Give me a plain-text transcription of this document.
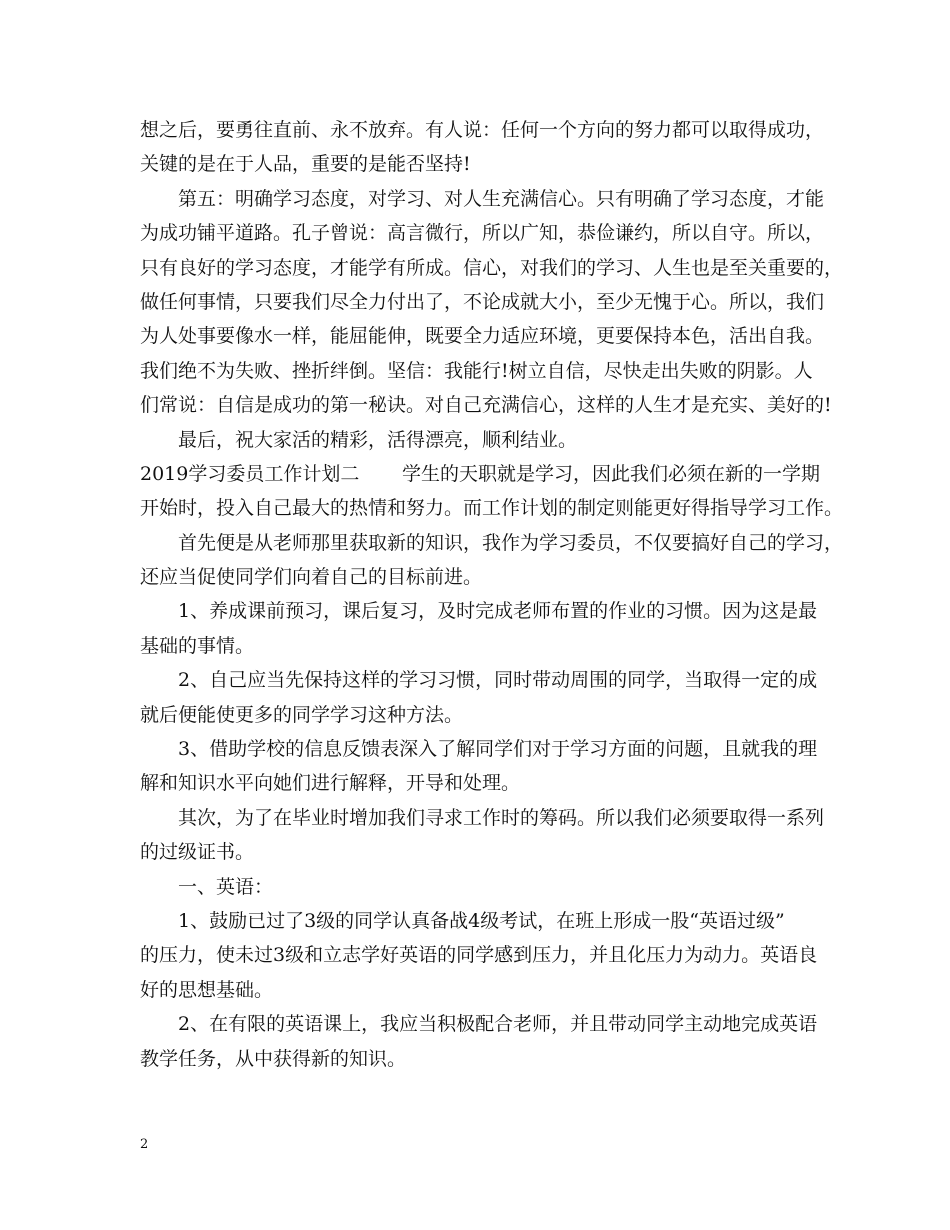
想之后，要勇往直前、永不放弃。有人说：任何一个方向的努力都可以取得成功，
关键的是在于人品，重要的是能否坚持!
第五：明确学习态度，对学习、对人生充满信心。只有明确了学习态度，才能
为成功铺平道路。孔子曾说：高言微行，所以广知，恭俭谦约，所以自守。所以，
只有良好的学习态度，才能学有所成。信心，对我们的学习、人生也是至关重要的，
做任何事情，只要我们尽全力付出了，不论成就大小，至少无愧于心。所以，我们
为人处事要像水一样，能屈能伸，既要全力适应环境，更要保持本色，活出自我。
我们绝不为失败、挫折绊倒。坚信：我能行!树立自信，尽快走出失败的阴影。人
们常说：自信是成功的第一秘诀。对自己充满信心，这样的人生才是充实、美好的!
最后，祝大家活的精彩，活得漂亮，顺利结业。
2019学习委员工作计划二 学生的天职就是学习，因此我们必须在新的一学期
开始时，投入自己最大的热情和努力。而工作计划的制定则能更好得指导学习工作。
首先便是从老师那里获取新的知识，我作为学习委员，不仅要搞好自己的学习，
还应当促使同学们向着自己的目标前进。
1、养成课前预习，课后复习，及时完成老师布置的作业的习惯。因为这是最
基础的事情。
2、自己应当先保持这样的学习习惯，同时带动周围的同学，当取得一定的成
就后便能使更多的同学学习这种方法。
3、借助学校的信息反馈表深入了解同学们对于学习方面的问题，且就我的理
解和知识水平向她们进行解释，开导和处理。
其次，为了在毕业时增加我们寻求工作时的筹码。所以我们必须要取得一系列
的过级证书。
一、英语：
1、鼓励已过了3级的同学认真备战4级考试，在班上形成一股“英语过级”
的压力，使未过3级和立志学好英语的同学感到压力，并且化压力为动力。英语良
好的思想基础。
2、在有限的英语课上，我应当积极配合老师，并且带动同学主动地完成英语
教学任务，从中获得新的知识。
2
